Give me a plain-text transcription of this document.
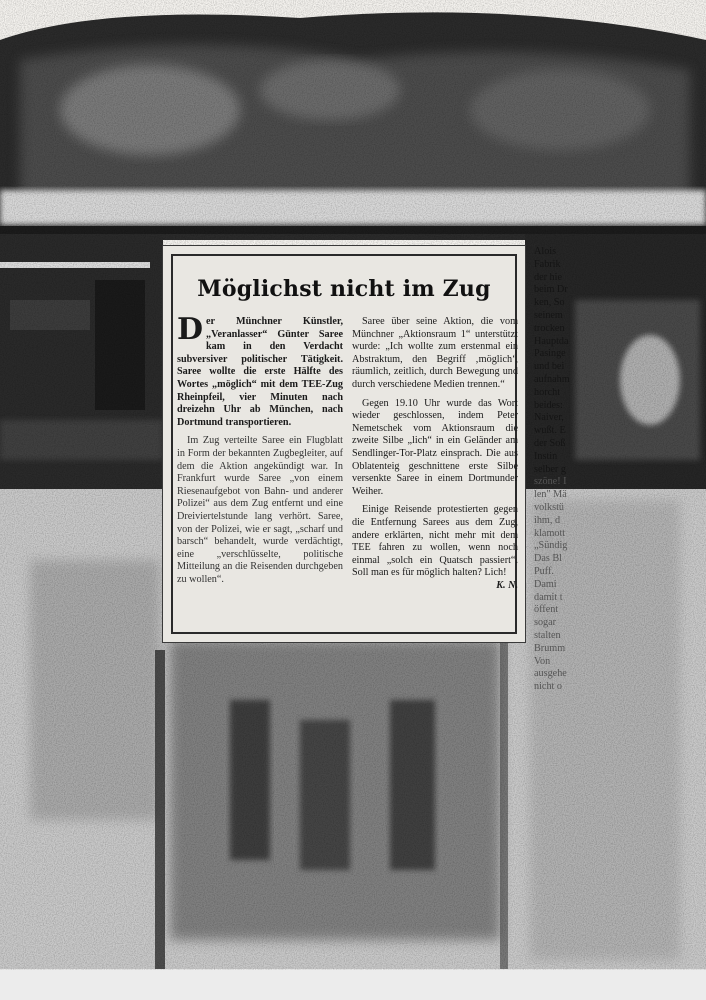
Möglichst nicht im Zug

Der Münchner Künstler, „Veranlasser“ Günter Saree kam in den Verdacht subversiver politischer Tätigkeit. Saree wollte die erste Hälfte des Wortes „möglich“ mit dem TEE-Zug Rheinpfeil, vier Minuten nach dreizehn Uhr ab München, nach Dortmund transportieren.

Im Zug verteilte Saree ein Flugblatt in Form der bekannten Zugbegleiter, auf dem die Aktion angekündigt war. In Frankfurt wurde Saree „von einem Riesenaufgebot von Bahn- und anderer Polizei“ aus dem Zug entfernt und eine Dreiviertelstunde lang verhört. Saree, von der Polizei, wie er sagt, „scharf und barsch“ behandelt, wurde verdächtigt, eine „verschlüsselte, politische Mitteilung an die Reisenden durchgeben zu wollen“.

Saree über seine Aktion, die vom Münchner „Aktionsraum 1“ unterstützt wurde: „Ich wollte zum erstenmal ein Abstraktum, den Begriff ‚möglich‘, räumlich, zeitlich, durch Bewegung und durch verschiedene Medien trennen.“

Gegen 19.10 Uhr wurde das Wort wieder geschlossen, indem Peter Nemetschek vom Aktionsraum die zweite Silbe „lich“ in ein Geländer am Sendlinger-Tor-Platz einsprach. Die aus Oblatenteig geschnittene erste Silbe versenkte Saree in einem Dortmunder Weiher.

Einige Reisende protestierten gegen die Entfernung Sarees aus dem Zug, andere erklärten, nicht mehr mit dem TEE fahren zu wollen, wenn noch einmal „solch ein Quatsch passiert“. Soll man es für möglich halten? Lich!
K. N.

Alois
Fabrik
der hie
beim Dr
ken, So
seinem
trocken
Hauptda
Pasinge
und bei
aufnahm
horcht
beides:
Naiver,
wußt. E
der Soß
Instin
selber g
szöne! I
len" Mä
volkstü
ihm, d
klamott
„Sündig
Das Bl
Puff.
Dami
damit t
öffent
sogar
stalten
Brumm
Von
ausgehe
nicht o
